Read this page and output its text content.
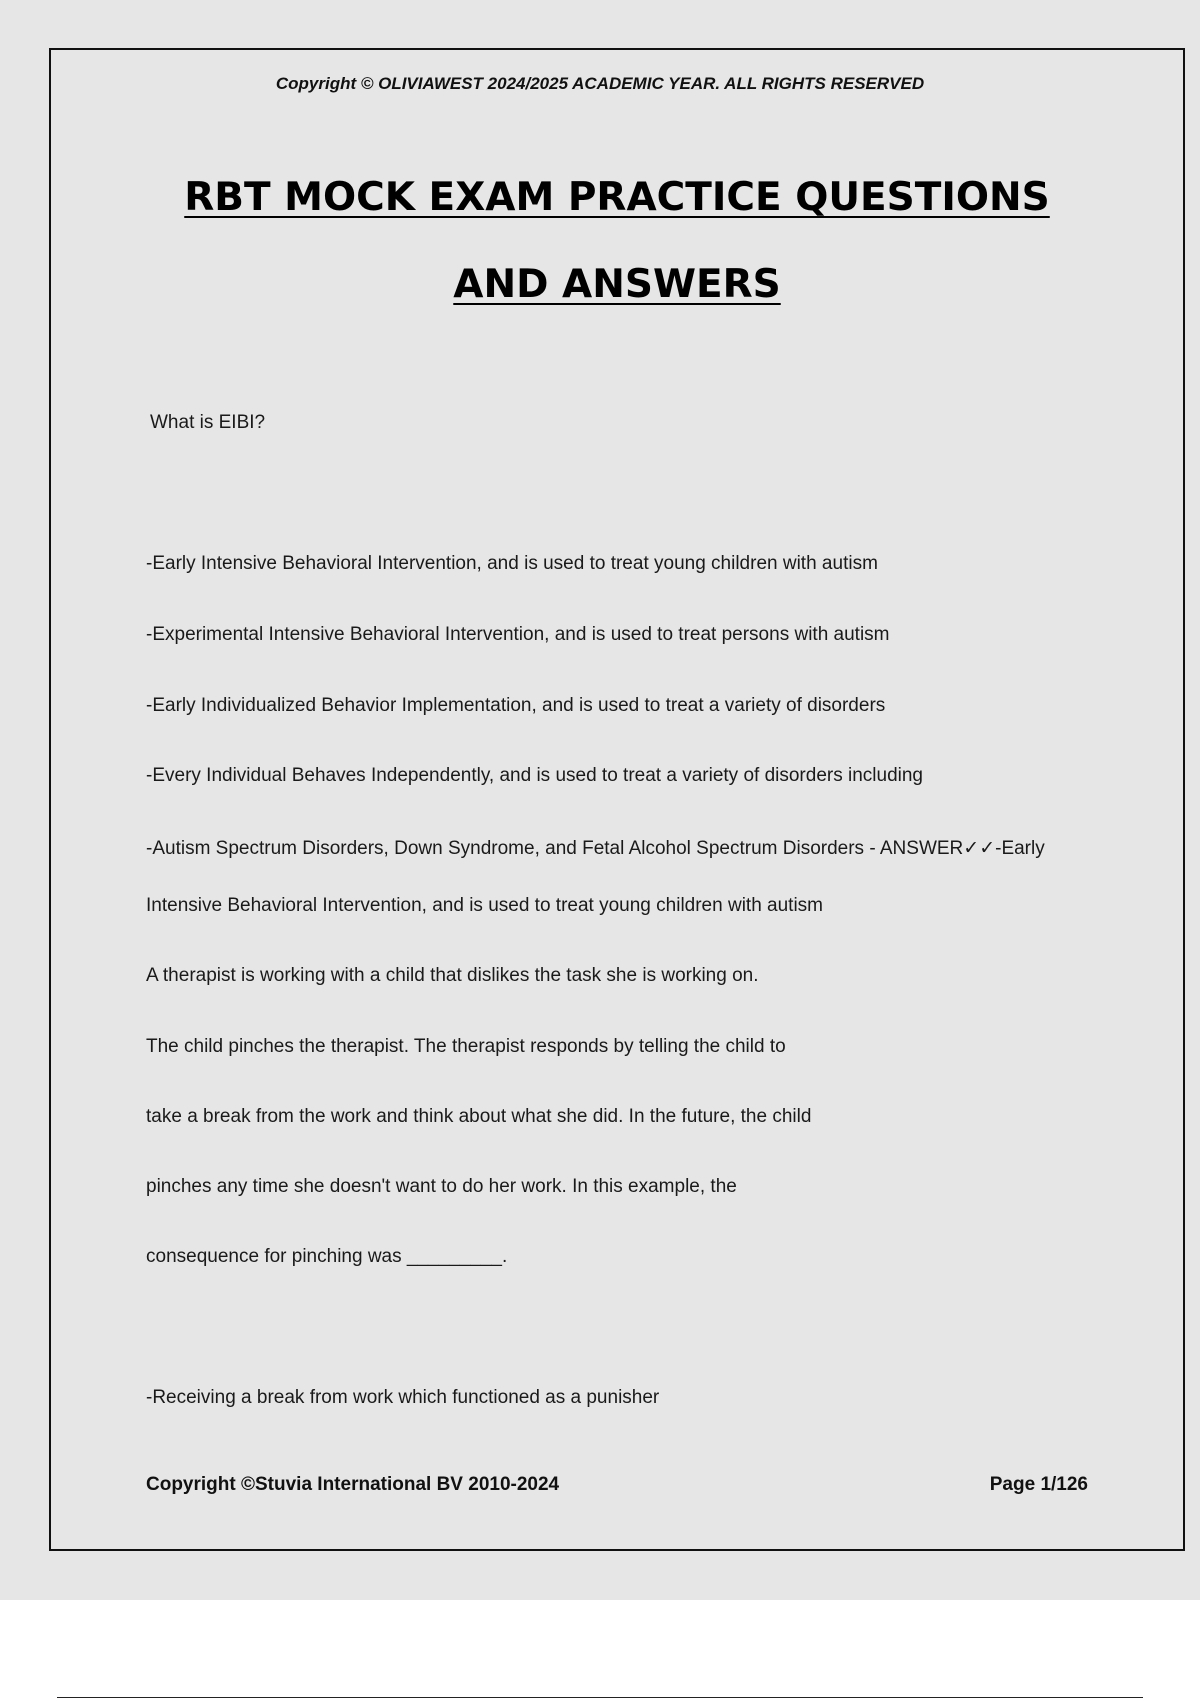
Copyright © OLIVIAWEST 2024/2025 ACADEMIC YEAR. ALL RIGHTS RESERVED

RBT MOCK EXAM PRACTICE QUESTIONS
AND ANSWERS

What is EIBI?

-Early Intensive Behavioral Intervention, and is used to treat young children with autism

-Experimental Intensive Behavioral Intervention, and is used to treat persons with autism

-Early Individualized Behavior Implementation, and is used to treat a variety of disorders

-Every Individual Behaves Independently, and is used to treat a variety of disorders including

-Autism Spectrum Disorders, Down Syndrome, and Fetal Alcohol Spectrum Disorders - ANSWER✓✓-Early

Intensive Behavioral Intervention, and is used to treat young children with autism

A therapist is working with a child that dislikes the task she is working on.

The child pinches the therapist. The therapist responds by telling the child to

take a break from the work and think about what she did. In the future, the child

pinches any time she doesn't want to do her work. In this example, the

consequence for pinching was _________.

-Receiving a break from work which functioned as a punisher

Copyright ©Stuvia International BV 2010-2024	Page 1/126
